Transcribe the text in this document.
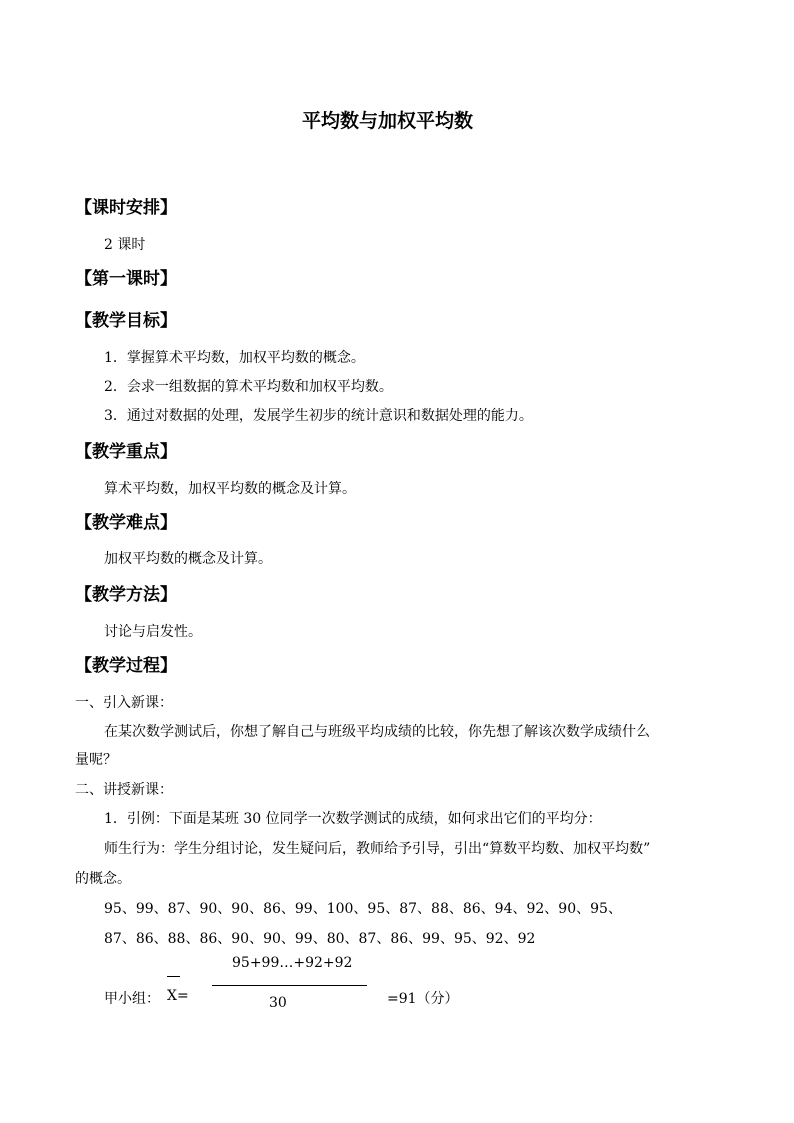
平均数与加权平均数
【课时安排】
2 课时
【第一课时】
【教学目标】
1．掌握算术平均数，加权平均数的概念。
2．会求一组数据的算术平均数和加权平均数。
3．通过对数据的处理，发展学生初步的统计意识和数据处理的能力。
【教学重点】
算术平均数，加权平均数的概念及计算。
【教学难点】
加权平均数的概念及计算。
【教学方法】
讨论与启发性。
【教学过程】
一、引入新课：
在某次数学测试后，你想了解自己与班级平均成绩的比较，你先想了解该次数学成绩什么
量呢？
二、讲授新课：
1．引例：下面是某班 30 位同学一次数学测试的成绩，如何求出它们的平均分：
师生行为：学生分组讨论，发生疑问后，教师给予引导，引出“算数平均数、加权平均数”
的概念。
95、99、87、90、90、86、99、100、95、87、88、86、94、92、90、95、
87、86、88、86、90、90、99、80、87、86、99、95、92、92
95+99…+92+92
甲小组： X=	=91（分）
30
